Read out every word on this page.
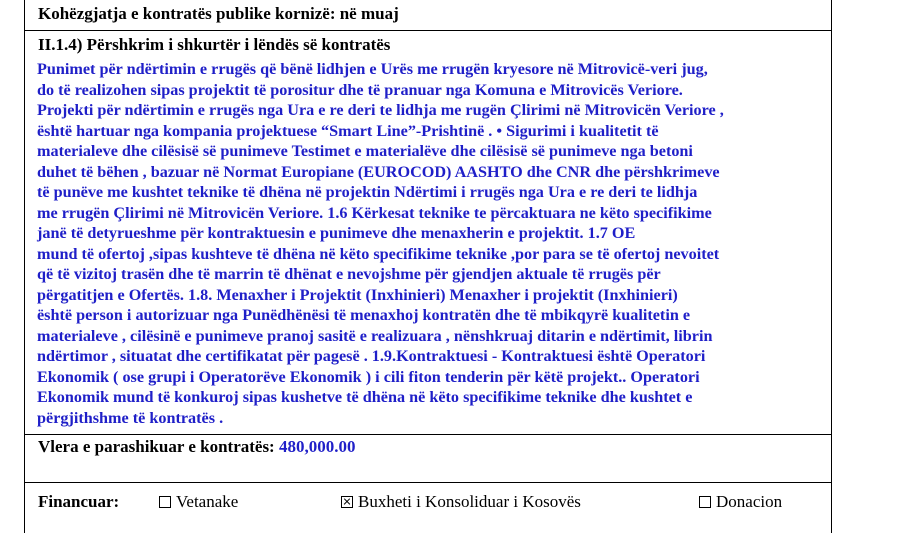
Kohëzgjatja e kontratës publike kornizë: në muaj
II.1.4) Përshkrim i shkurtër i lëndës së kontratës
Punimet për ndërtimin e rrugës që bënë lidhjen e Urës me rrugën kryesore në Mitrovicë-veri jug,
do të realizohen sipas projektit të porositur dhe të pranuar nga Komuna e Mitrovicës Veriore.
Projekti për ndërtimin e rrugës nga Ura e re deri te lidhja me rugën Çlirimi në Mitrovicën Veriore ,
është hartuar nga kompania projektuese “Smart Line”-Prishtinë . • Sigurimi i kualitetit të
materialeve dhe cilësisë së punimeve Testimet e materialëve dhe cilësisë së punimeve nga betoni
duhet të bëhen , bazuar në Normat Europiane (EUROCOD) AASHTO dhe CNR dhe përshkrimeve
të punëve me kushtet teknike të dhëna në projektin Ndërtimi i rrugës nga Ura e re deri te lidhja
me rrugën Çlirimi në Mitrovicën Veriore. 1.6 Kërkesat teknike te përcaktuara ne këto specifikime
janë të detyrueshme për kontraktuesin e punimeve dhe menaxherin e projektit. 1.7 OE
mund të ofertoj ,sipas kushteve të dhëna në këto specifikime teknike ,por para se të ofertoj nevoitet
që të vizitoj trasën dhe të marrin të dhënat e nevojshme për gjendjen aktuale të rrugës për
përgatitjen e Ofertës. 1.8. Menaxher i Projektit (Inxhinieri) Menaxher i projektit (Inxhinieri)
është person i autorizuar nga Punëdhënësi të menaxhoj kontratën dhe të mbikqyrë kualitetin e
materialeve , cilësinë e punimeve pranoj sasitë e realizuara , nënshkruaj ditarin e ndërtimit, librin
ndërtimor , situatat dhe certifikatat për pagesë . 1.9.Kontraktuesi - Kontraktuesi është Operatori
Ekonomik ( ose grupi i Operatorëve Ekonomik ) i cili fiton tenderin për këtë projekt.. Operatori
Ekonomik mund të konkuroj sipas kushetve të dhëna në këto specifikime teknike dhe kushtet e
përgjithshme të kontratës .
Vlera e parashikuar e kontratës: 480,000.00
Financuar:	Vetanake	Buxheti i Konsoliduar i Kosovës	Donacion
